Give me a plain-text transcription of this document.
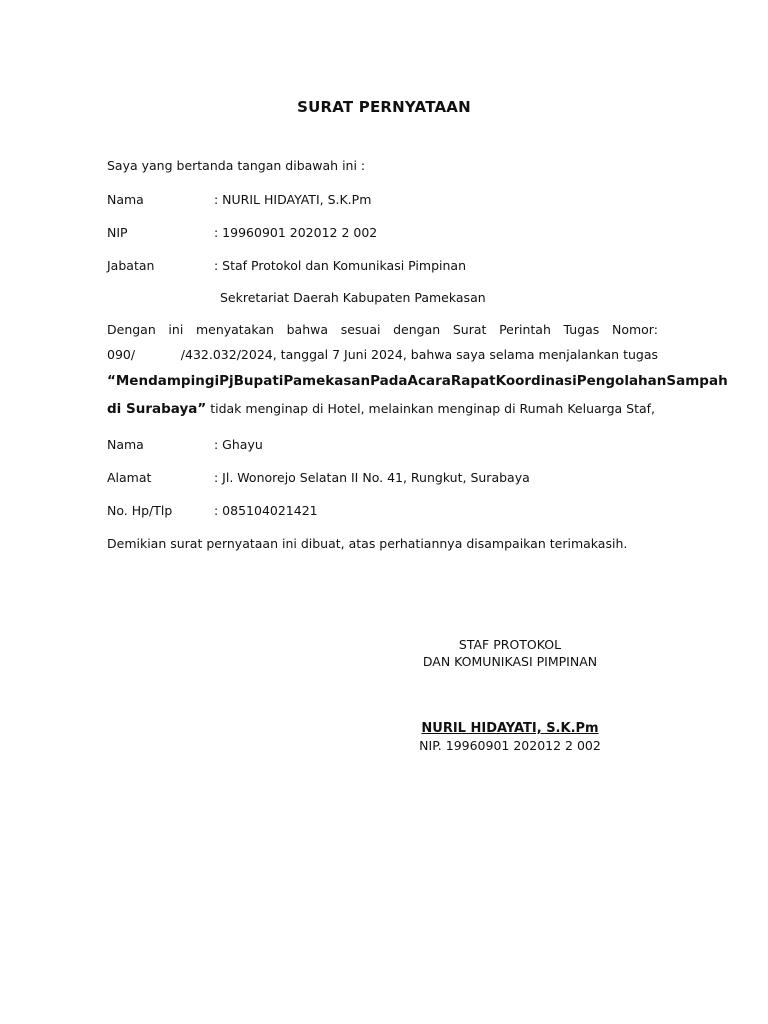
SURAT PERNYATAAN
Saya yang bertanda tangan dibawah ini :
Nama	: NURIL HIDAYATI, S.K.Pm
NIP	: 19960901 202012 2 002
Jabatan	: Staf Protokol dan Komunikasi Pimpinan
Sekretariat Daerah Kabupaten Pamekasan
Dengan ini menyatakan bahwa sesuai dengan Surat Perintah Tugas Nomor:
090/	/432.032/2024, tanggal 7 Juni 2024, bahwa saya selama menjalankan tugas
“Mendampingi Pj Bupati Pamekasan Pada Acara Rapat Koordinasi Pengolahan Sampah
di Surabaya” tidak menginap di Hotel, melainkan menginap di Rumah Keluarga Staf,
Nama	: Ghayu
Alamat	: Jl. Wonorejo Selatan II No. 41, Rungkut, Surabaya
No. Hp/Tlp	: 085104021421
Demikian surat pernyataan ini dibuat, atas perhatiannya disampaikan terimakasih.
STAF PROTOKOL
DAN KOMUNIKASI PIMPINAN
NURIL HIDAYATI, S.K.Pm
NIP. 19960901 202012 2 002
